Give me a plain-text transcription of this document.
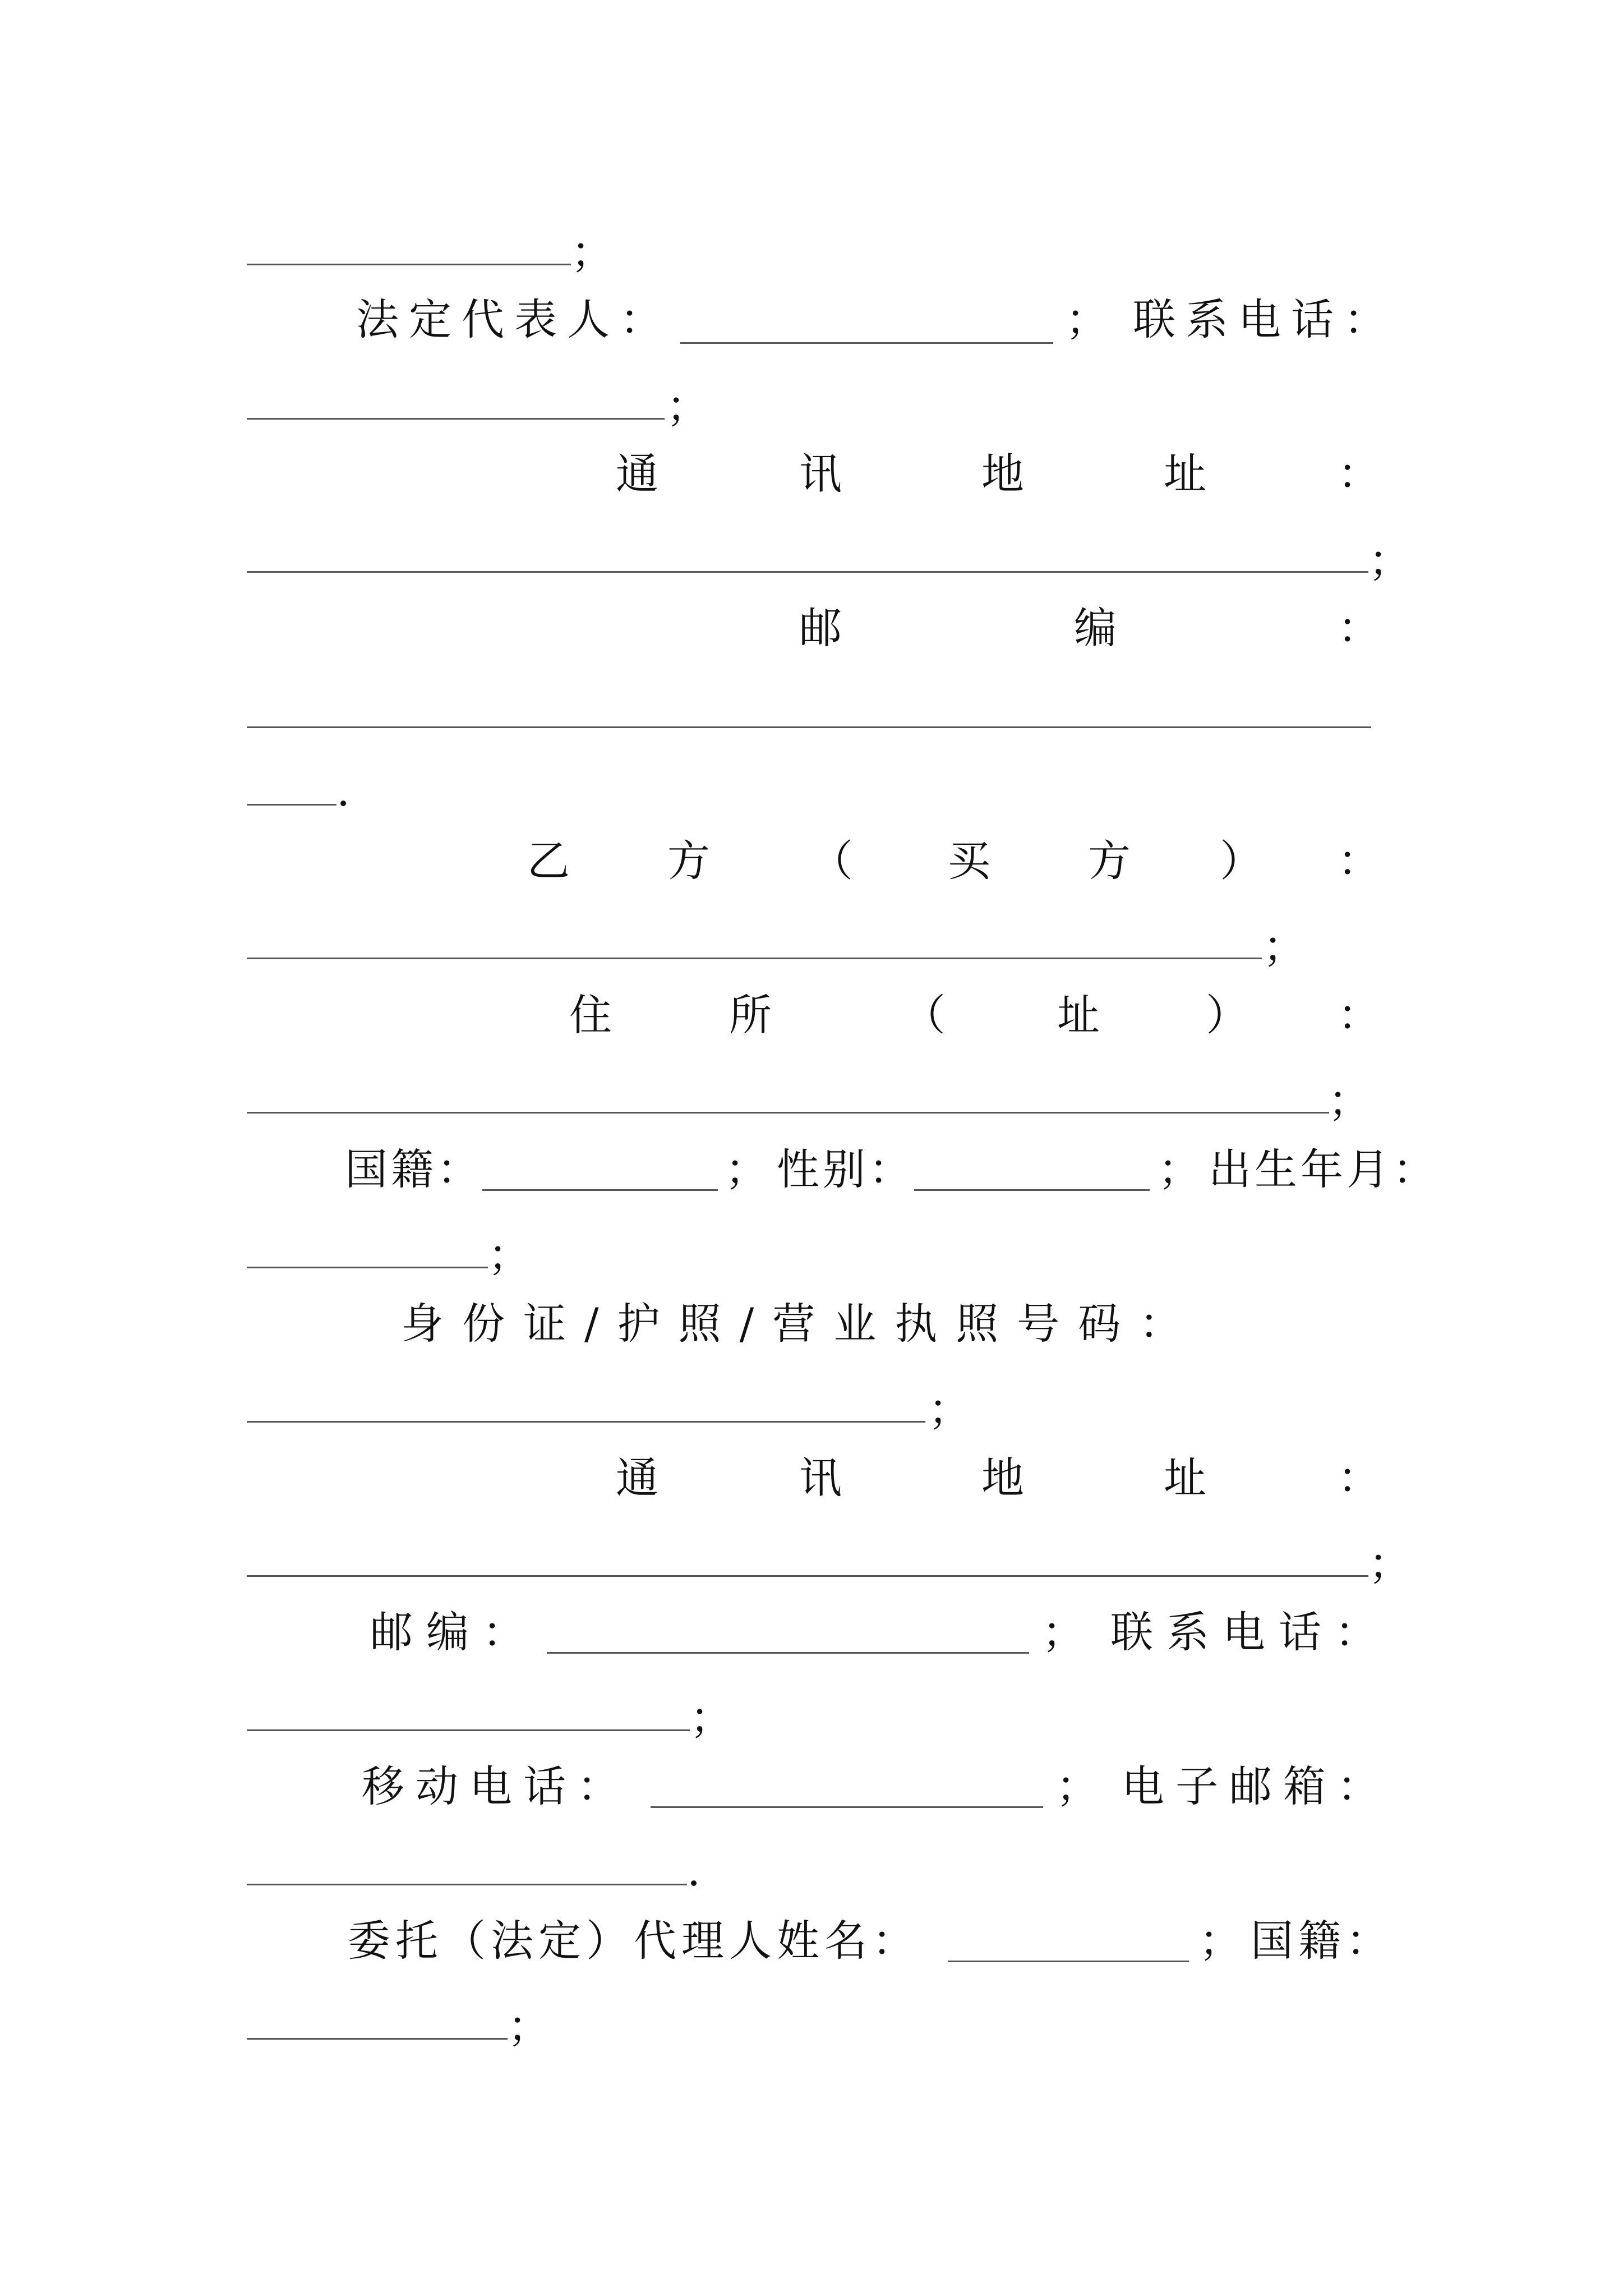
；
法定代表人：	； 联系电话：
；
通	讯	地	址	：
；
邮	编	：
.
乙 方 （ 买 方 ） ：
；
住	所	（	址 ） ：
；
国籍：	； 性别：	； 出生年月：
；
身份证/护照/营业执照号码：
；
通	讯	地	址	：
；
邮编：	； 联系电话：
；
移动电话：	； 电子邮箱：
.
委托（法定）代理人姓名：	； 国籍：
；
